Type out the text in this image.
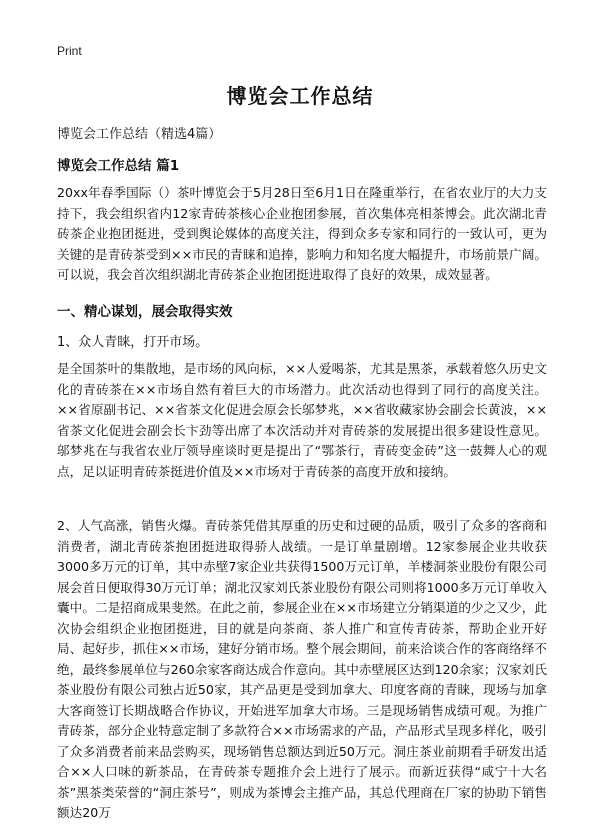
Print
博览会工作总结
博览会工作总结（精选4篇）
博览会工作总结 篇1

20xx年春季国际（）茶叶博览会于5月28日至6月1日在隆重举行，在省农业厅的大力支持下，我会组织省内12家青砖茶核心企业抱团参展，首次集体亮相茶博会。此次湖北青砖茶企业抱团挺进，受到舆论媒体的高度关注，得到众多专家和同行的一致认可，更为关键的是青砖茶受到××市民的青睐和追捧，影响力和知名度大幅提升，市场前景广阔。可以说，我会首次组织湖北青砖茶企业抱团挺进取得了良好的效果，成效显著。

一、精心谋划，展会取得实效
1、众人青睐，打开市场。

是全国茶叶的集散地，是市场的风向标，××人爱喝茶，尤其是黑茶，承载着悠久历史文化的青砖茶在××市场自然有着巨大的市场潜力。此次活动也得到了同行的高度关注。××省原副书记、××省茶文化促进会原会长邬梦兆，××省收藏家协会副会长黄波，××省茶文化促进会副会长卞劲等出席了本次活动并对青砖茶的发展提出很多建设性意见。邬梦兆在与我省农业厅领导座谈时更是提出了“鄂茶行，青砖变金砖”这一鼓舞人心的观点，足以证明青砖茶挺进价值及××市场对于青砖茶的高度开放和接纳。

2、人气高涨，销售火爆。青砖茶凭借其厚重的历史和过硬的品质，吸引了众多的客商和消费者，湖北青砖茶抱团挺进取得骄人战绩。一是订单量剧增。12家参展企业共收获3000多万元的订单，其中赤壁7家企业共获得1500万元订单，羊楼洞茶业股份有限公司展会首日便取得30万元订单；湖北汉家刘氏茶业股份有限公司则将1000多万元订单收入囊中。二是招商成果斐然。在此之前，参展企业在××市场建立分销渠道的少之又少，此次协会组织企业抱团挺进，目的就是向茶商、茶人推广和宣传青砖茶，帮助企业开好局、起好步，抓住××市场，建好分销市场。整个展会期间，前来洽谈合作的客商络绎不绝，最终参展单位与260余家客商达成合作意向。其中赤壁展区达到120余家；汉家刘氏茶业股份有限公司独占近50家，其产品更是受到加拿大、印度客商的青睐，现场与加拿大客商签订长期战略合作协议，开始进军加拿大市场。三是现场销售成绩可观。为推广青砖茶，部分企业特意定制了多款符合××市场需求的产品，产品形式呈现多样化，吸引了众多消费者前来品尝购买，现场销售总额达到近50万元。洞庄茶业前期看手研发出适合××人口味的新茶品，在青砖茶专题推介会上进行了展示。而新近获得“咸宁十大名茶”黑茶类荣誉的“洞庄茶号”，则成为茶博会主推产品，其总代理商在厂家的协助下销售额达20万
